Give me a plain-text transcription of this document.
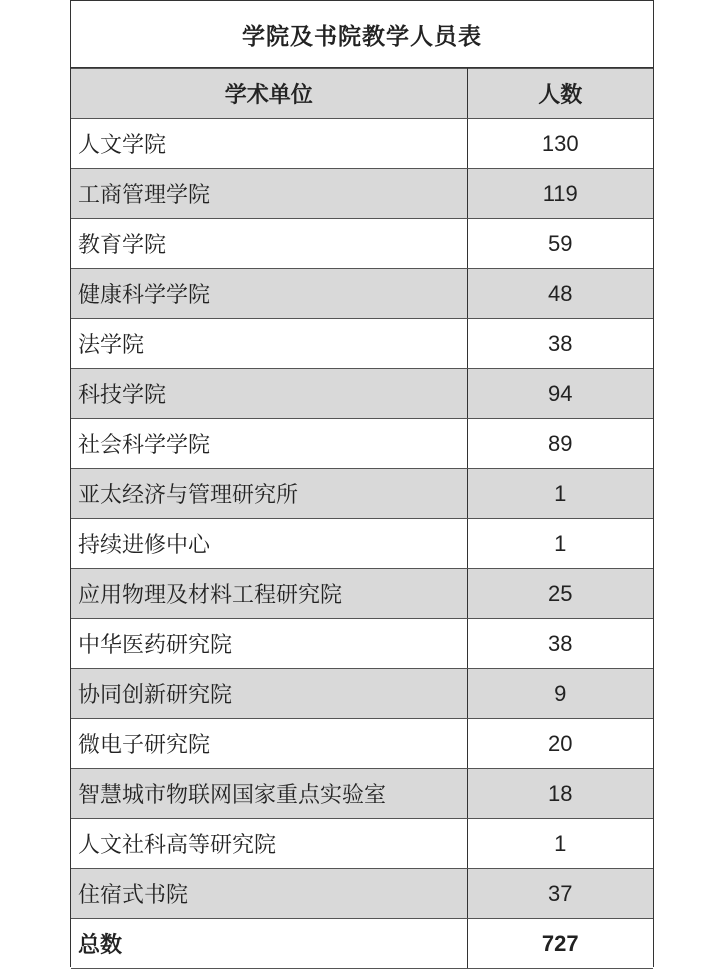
学院及书院教学人员表
学术单位	人数
人文学院	130
工商管理学院	119
教育学院	59
健康科学学院	48
法学院	38
科技学院	94
社会科学学院	89
亚太经济与管理研究所	1
持续进修中心	1
应用物理及材料工程研究院	25
中华医药研究院	38
协同创新研究院	9
微电子研究院	20
智慧城市物联网国家重点实验室	18
人文社科高等研究院	1
住宿式书院	37
总数	727
